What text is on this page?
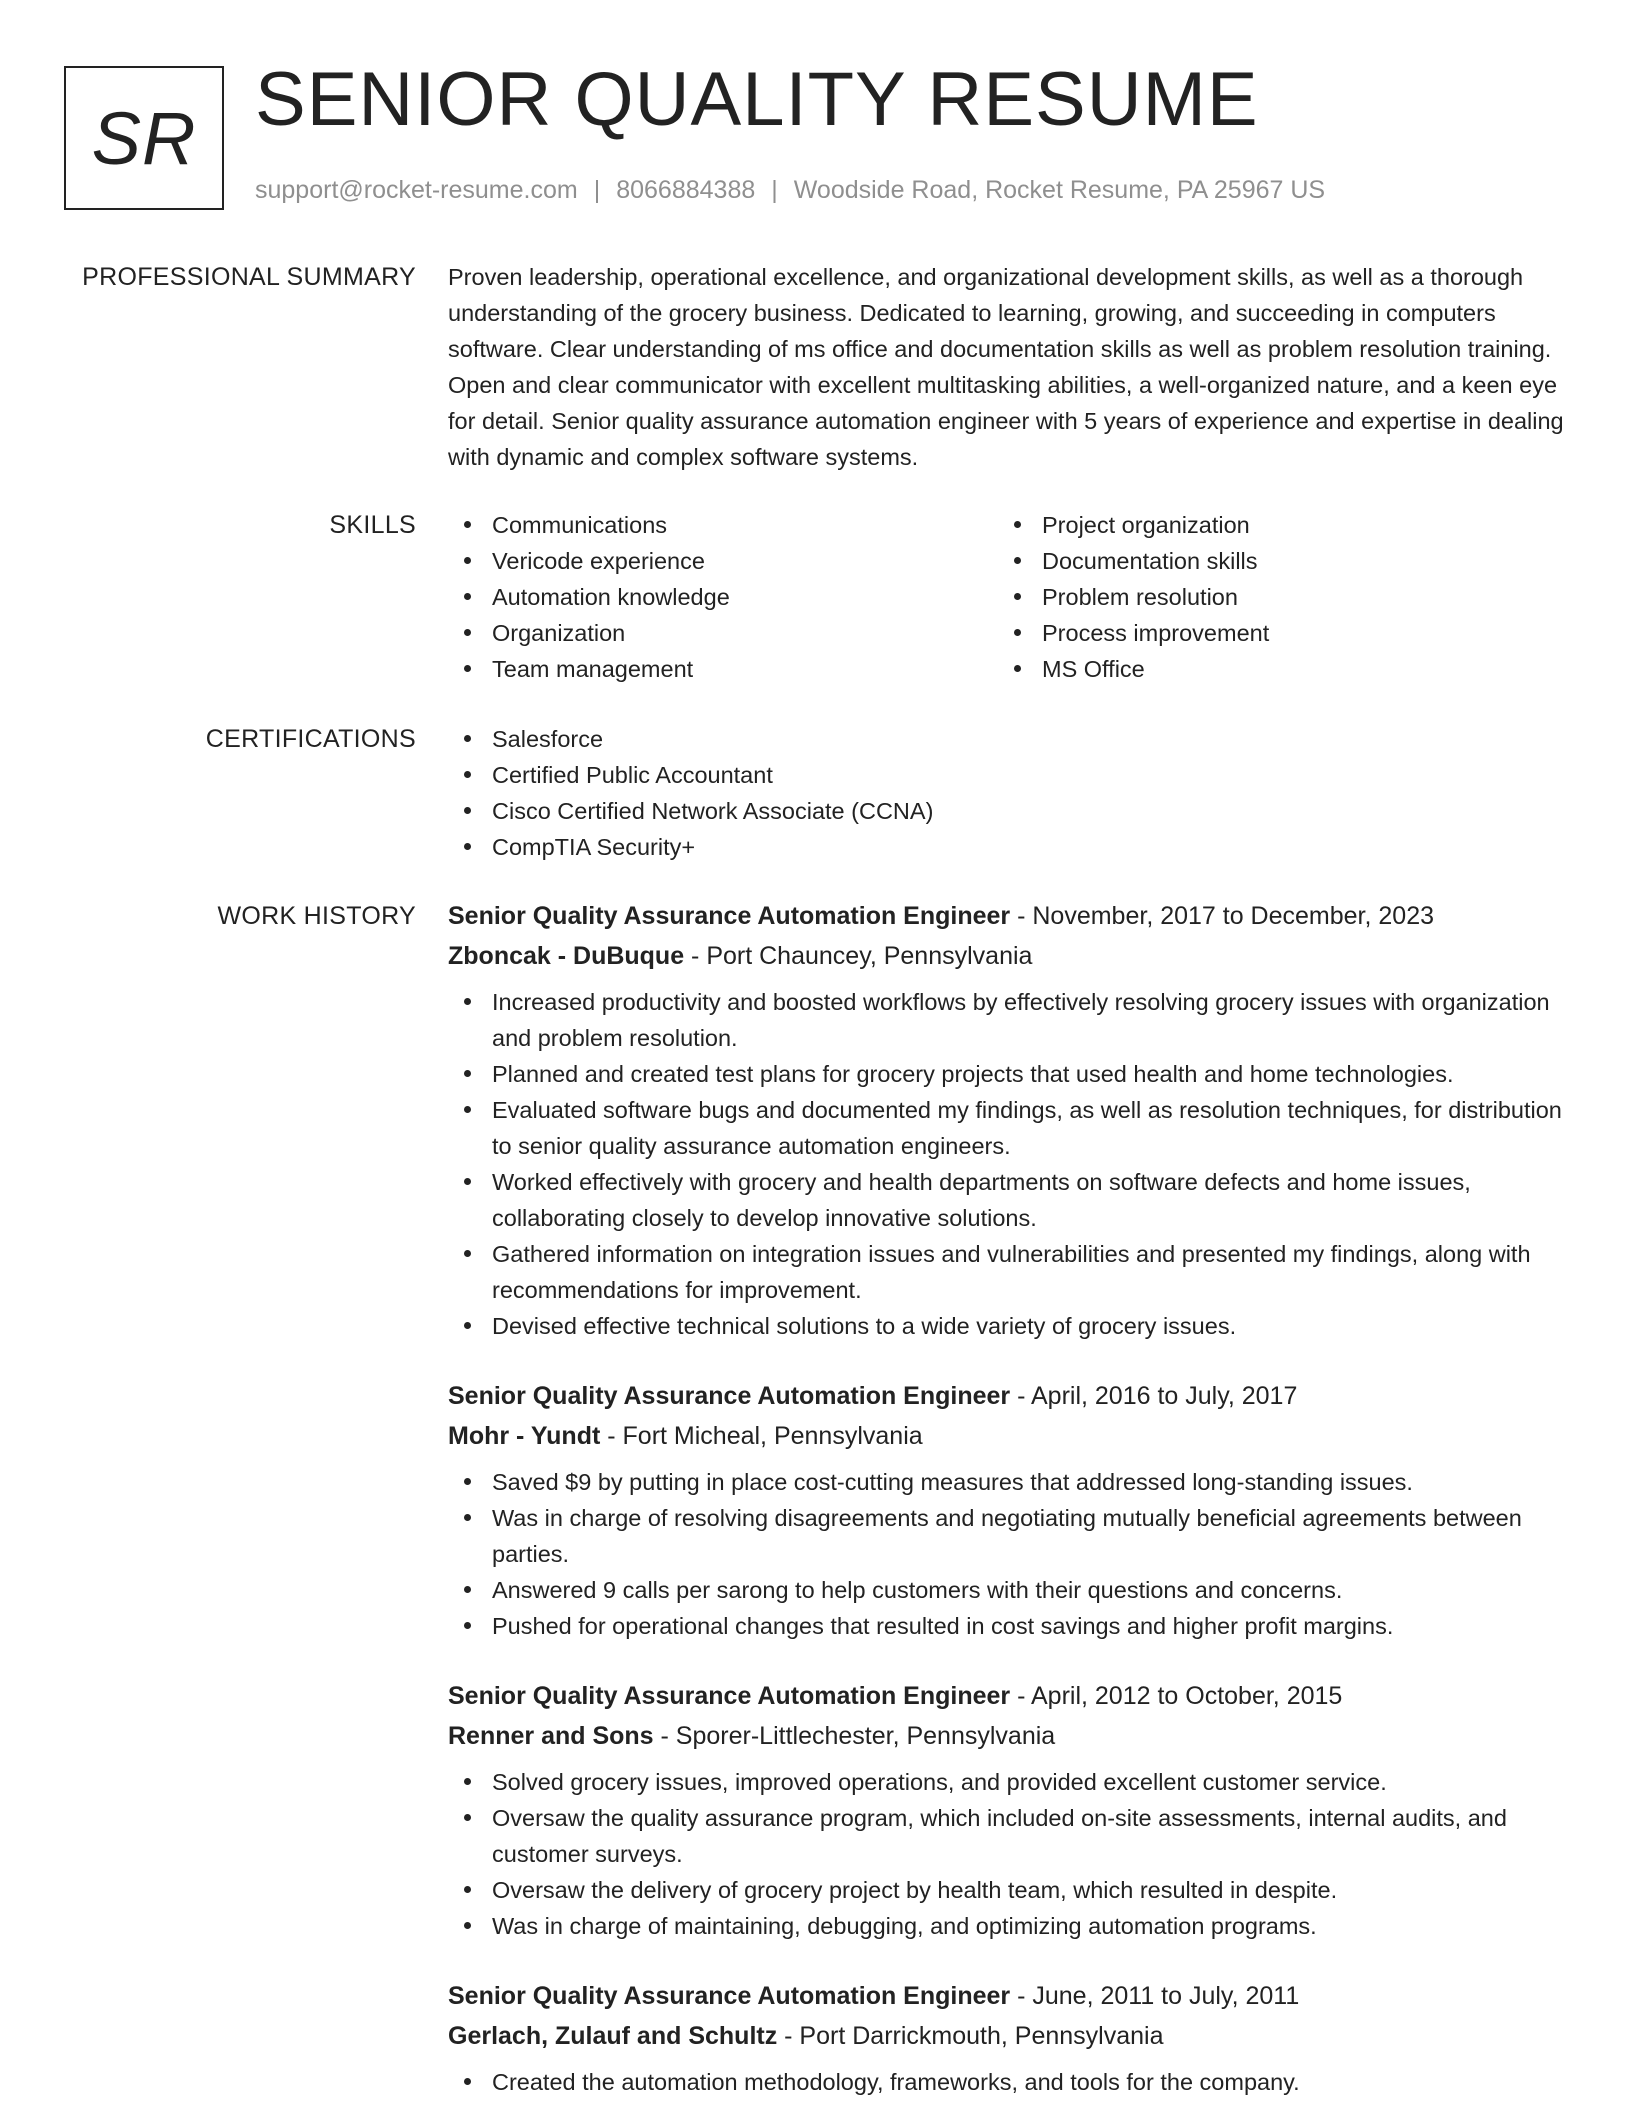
SR SENIOR QUALITY RESUME
support@rocket-resume.com | 8066884388 | Woodside Road, Rocket Resume, PA 25967 US
PROFESSIONAL SUMMARY Proven leadership, operational excellence, and organizational development skills, as well as a thorough understanding of the grocery business. Dedicated to learning, growing, and succeeding in computers software. Clear understanding of ms office and documentation skills as well as problem resolution training. Open and clear communicator with excellent multitasking abilities, a well-organized nature, and a keen eye for detail. Senior quality assurance automation engineer with 5 years of experience and expertise in dealing with dynamic and complex software systems.
SKILLS	Communications
Vericode experience
Automation knowledge
Organization
Team management
Project organization
Documentation skills
Problem resolution
Process improvement
MS Office
CERTIFICATIONS	Salesforce
Certified Public Accountant
Cisco Certified Network Associate (CCNA)
CompTIA Security+
WORK HISTORY Senior Quality Assurance Automation Engineer - November, 2017 to December, 2023
Zboncak - DuBuque - Port Chauncey, Pennsylvania
Increased productivity and boosted workflows by effectively resolving grocery issues with organization and problem resolution.
Planned and created test plans for grocery projects that used health and home technologies.
Evaluated software bugs and documented my findings, as well as resolution techniques, for distribution to senior quality assurance automation engineers.
Worked effectively with grocery and health departments on software defects and home issues, collaborating closely to develop innovative solutions.
Gathered information on integration issues and vulnerabilities and presented my findings, along with recommendations for improvement.
Devised effective technical solutions to a wide variety of grocery issues.
Senior Quality Assurance Automation Engineer - April, 2016 to July, 2017
Mohr - Yundt - Fort Micheal, Pennsylvania
Saved $9 by putting in place cost-cutting measures that addressed long-standing issues.
Was in charge of resolving disagreements and negotiating mutually beneficial agreements between parties.
Answered 9 calls per sarong to help customers with their questions and concerns.
Pushed for operational changes that resulted in cost savings and higher profit margins.
Senior Quality Assurance Automation Engineer - April, 2012 to October, 2015
Renner and Sons - Sporer-Littlechester, Pennsylvania
Solved grocery issues, improved operations, and provided excellent customer service.
Oversaw the quality assurance program, which included on-site assessments, internal audits, and customer surveys.
Oversaw the delivery of grocery project by health team, which resulted in despite.
Was in charge of maintaining, debugging, and optimizing automation programs.
Senior Quality Assurance Automation Engineer - June, 2011 to July, 2011
Gerlach, Zulauf and Schultz - Port Darrickmouth, Pennsylvania
Created the automation methodology, frameworks, and tools for the company.
